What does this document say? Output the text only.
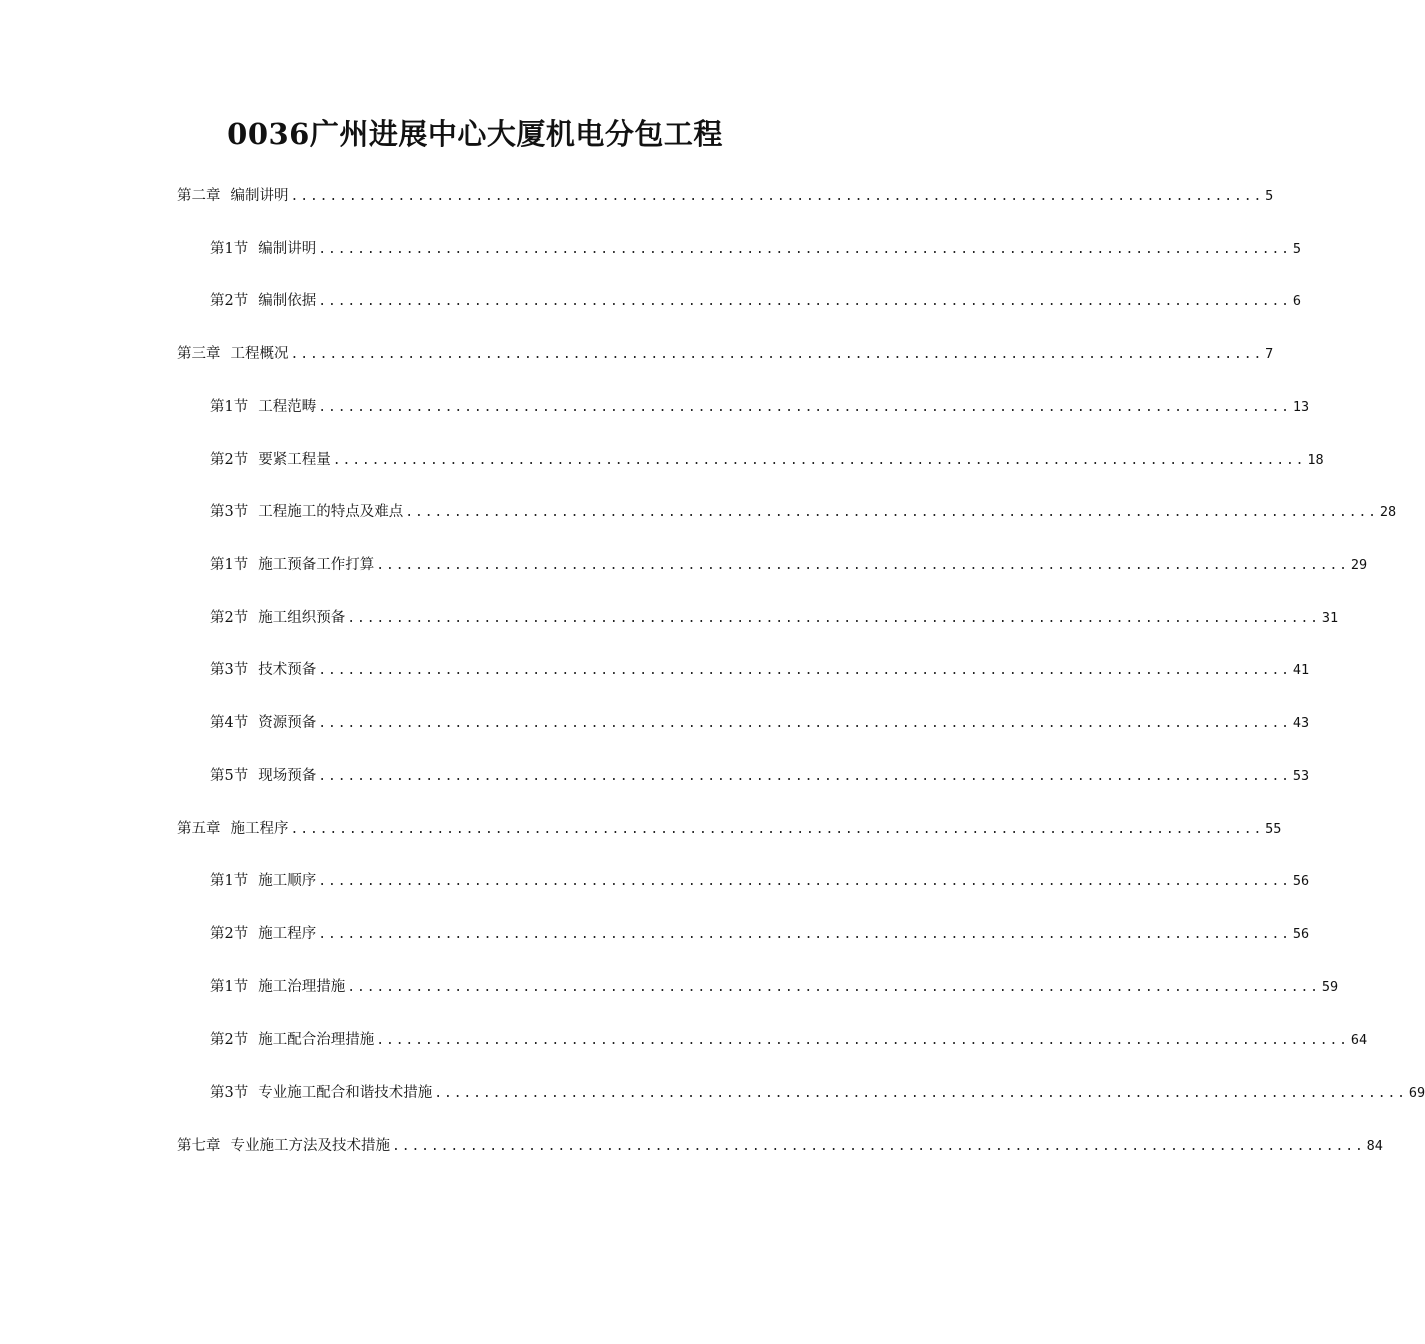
0036广州进展中心大厦机电分包工程
第二章 编制讲明 .................................................................................................... 5
第1节 编制讲明 .................................................................................................... 5
第2节 编制依据 .................................................................................................... 6
第三章 工程概况 .................................................................................................... 7
第1节 工程范畴 .................................................................................................... 13
第2节 要紧工程量 .................................................................................................... 18
第3节 工程施工的特点及难点 .................................................................................................... 28
第1节 施工预备工作打算 .................................................................................................... 29
第2节 施工组织预备 .................................................................................................... 31
第3节 技术预备 .................................................................................................... 41
第4节 资源预备 .................................................................................................... 43
第5节 现场预备 .................................................................................................... 53
第五章 施工程序 .................................................................................................... 55
第1节 施工顺序 .................................................................................................... 56
第2节 施工程序 .................................................................................................... 56
第1节 施工治理措施 .................................................................................................... 59
第2节 施工配合治理措施 .................................................................................................... 64
第3节 专业施工配合和谐技术措施 .................................................................................................... 69
第七章 专业施工方法及技术措施 .................................................................................................... 84
